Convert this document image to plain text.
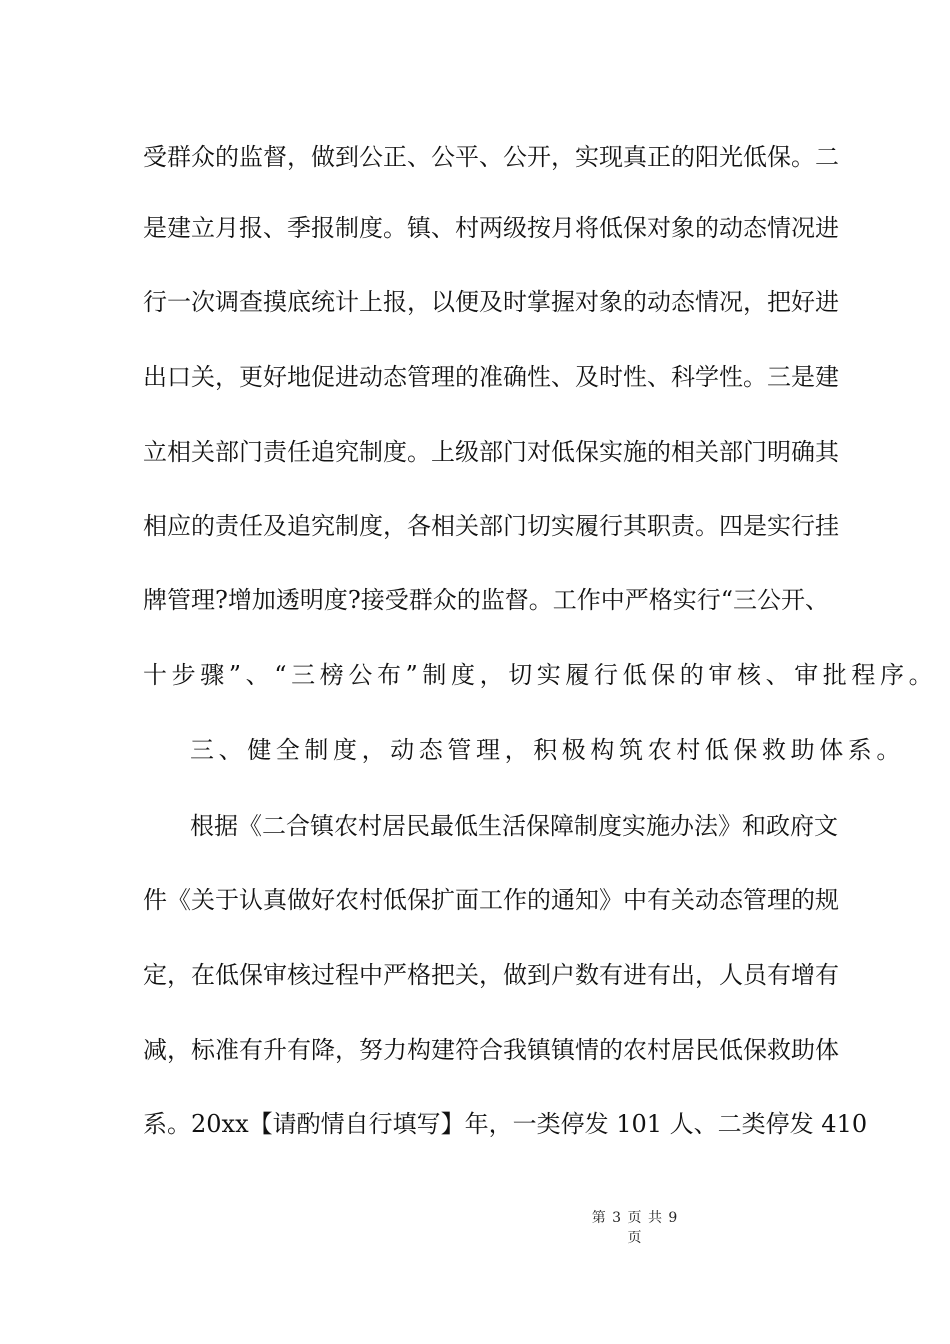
受群众的监督，做到公正、公平、公开，实现真正的阳光低保。二
是建立月报、季报制度。镇、村两级按月将低保对象的动态情况进
行一次调查摸底统计上报，以便及时掌握对象的动态情况，把好进
出口关，更好地促进动态管理的准确性、及时性、科学性。三是建
立相关部门责任追究制度。上级部门对低保实施的相关部门明确其
相应的责任及追究制度，各相关部门切实履行其职责。四是实行挂
牌管理?增加透明度?接受群众的监督。工作中严格实行“三公开、
十步骤”、“三榜公布”制度，切实履行低保的审核、审批程序。
三、健全制度，动态管理，积极构筑农村低保救助体系。
根据《二合镇农村居民最低生活保障制度实施办法》和政府文
件《关于认真做好农村低保扩面工作的通知》中有关动态管理的规
定，在低保审核过程中严格把关，做到户数有进有出，人员有增有
减，标准有升有降，努力构建符合我镇镇情的农村居民低保救助体
系。20xx【请酌情自行填写】年，一类停发 101 人、二类停发 410
第 3 页 共 9 页
